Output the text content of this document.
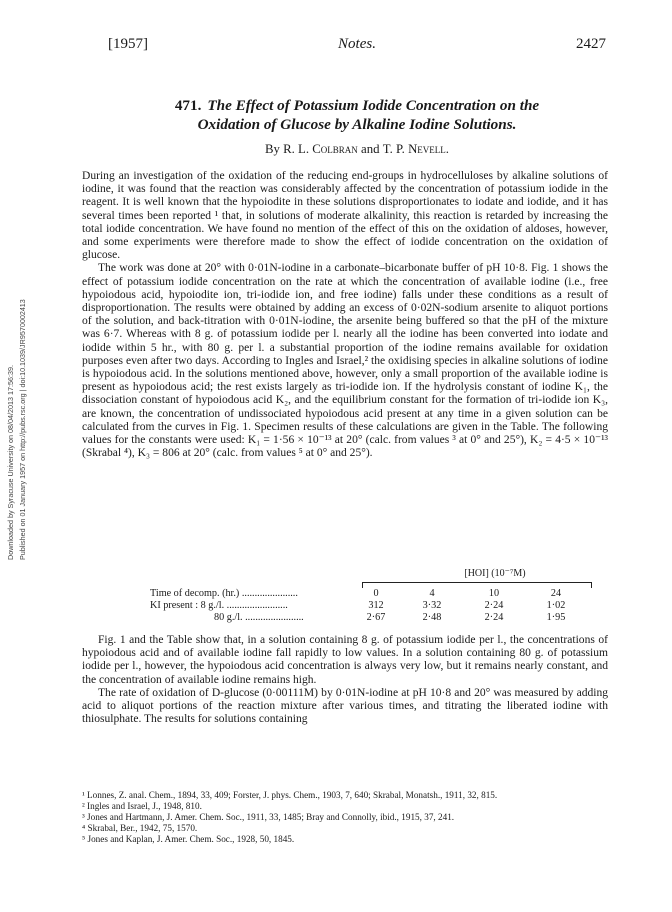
Downloaded by Syracuse University on 08/04/2013 17:56:39. Published on 01 January 1957 on http://pubs.rsc.org | doi:10.1039/JR9570002413
[1957]	Notes.	2427
471. The Effect of Potassium Iodide Concentration on the
Oxidation of Glucose by Alkaline Iodine Solutions.
By R. L. Colbran and T. P. Nevell.

During an investigation of the oxidation of the reducing end-groups in hydrocelluloses by alkaline solutions of iodine, it was found that the reaction was considerably affected by the concentration of potassium iodide in the reagent. It is well known that the hypoiodite in these solutions disproportionates to iodate and iodide, and it has several times been reported ¹ that, in solutions of moderate alkalinity, this reaction is retarded by increasing the total iodide concentration. We have found no mention of the effect of this on the oxidation of aldoses, however, and some experiments were therefore made to show the effect of iodide concentration on the oxidation of glucose.

The work was done at 20° with 0·01N-iodine in a carbonate–bicarbonate buffer of pH 10·8. Fig. 1 shows the effect of potassium iodide concentration on the rate at which the concentration of available iodine (i.e., free hypoiodous acid, hypoiodite ion, tri-iodide ion, and free iodine) falls under these conditions as a result of disproportionation. The results were obtained by adding an excess of 0·02N-sodium arsenite to aliquot portions of the solution, and back-titration with 0·01N-iodine, the arsenite being buffered so that the pH of the mixture was 6·7. Whereas with 8 g. of potassium iodide per l. nearly all the iodine has been converted into iodate and iodide within 5 hr., with 80 g. per l. a substantial proportion of the iodine remains available for oxidation purposes even after two days. According to Ingles and Israel,² the oxidising species in alkaline solutions of iodine is hypoiodous acid. In the solutions mentioned above, however, only a small proportion of the available iodine is present as hypoiodous acid; the rest exists largely as tri-iodide ion. If the hydrolysis constant of iodine K₁, the dissociation constant of hypoiodous acid K₂, and the equilibrium constant for the formation of tri-iodide ion K₃, are known, the concentration of undissociated hypoiodous acid present at any time in a given solution can be calculated from the curves in Fig. 1. Specimen results of these calculations are given in the Table. The following values for the constants were used: K₁ = 1·56 × 10⁻¹³ at 20° (calc. from values ³ at 0° and 25°), K₂ = 4·5 × 10⁻¹³ (Skrabal ⁴), K₃ = 806 at 20° (calc. from values ⁵ at 0° and 25°).

[HOI] (10⁻⁷M)
Time of decomp. (hr.) ......................	0	4	10	24
KI present : 8 g./l. ........................	312	3·32	2·24	1·02
80 g./l. .......................	2·67	2·48	2·24	1·95

Fig. 1 and the Table show that, in a solution containing 8 g. of potassium iodide per l., the concentrations of hypoiodous acid and of available iodine fall rapidly to low values. In a solution containing 80 g. of potassium iodide per l., however, the hypoiodous acid concentration is always very low, but it remains nearly constant, and the concentration of available iodine remains high.

The rate of oxidation of D-glucose (0·00111M) by 0·01N-iodine at pH 10·8 and 20° was measured by adding acid to aliquot portions of the reaction mixture after various times, and titrating the liberated iodine with thiosulphate. The results for solutions containing

¹ Lonnes, Z. anal. Chem., 1894, 33, 409; Forster, J. phys. Chem., 1903, 7, 640; Skrabal, Monatsh., 1911, 32, 815.
² Ingles and Israel, J., 1948, 810.
³ Jones and Hartmann, J. Amer. Chem. Soc., 1911, 33, 1485; Bray and Connolly, ibid., 1915, 37, 241.
⁴ Skrabal, Ber., 1942, 75, 1570.
⁵ Jones and Kaplan, J. Amer. Chem. Soc., 1928, 50, 1845.
